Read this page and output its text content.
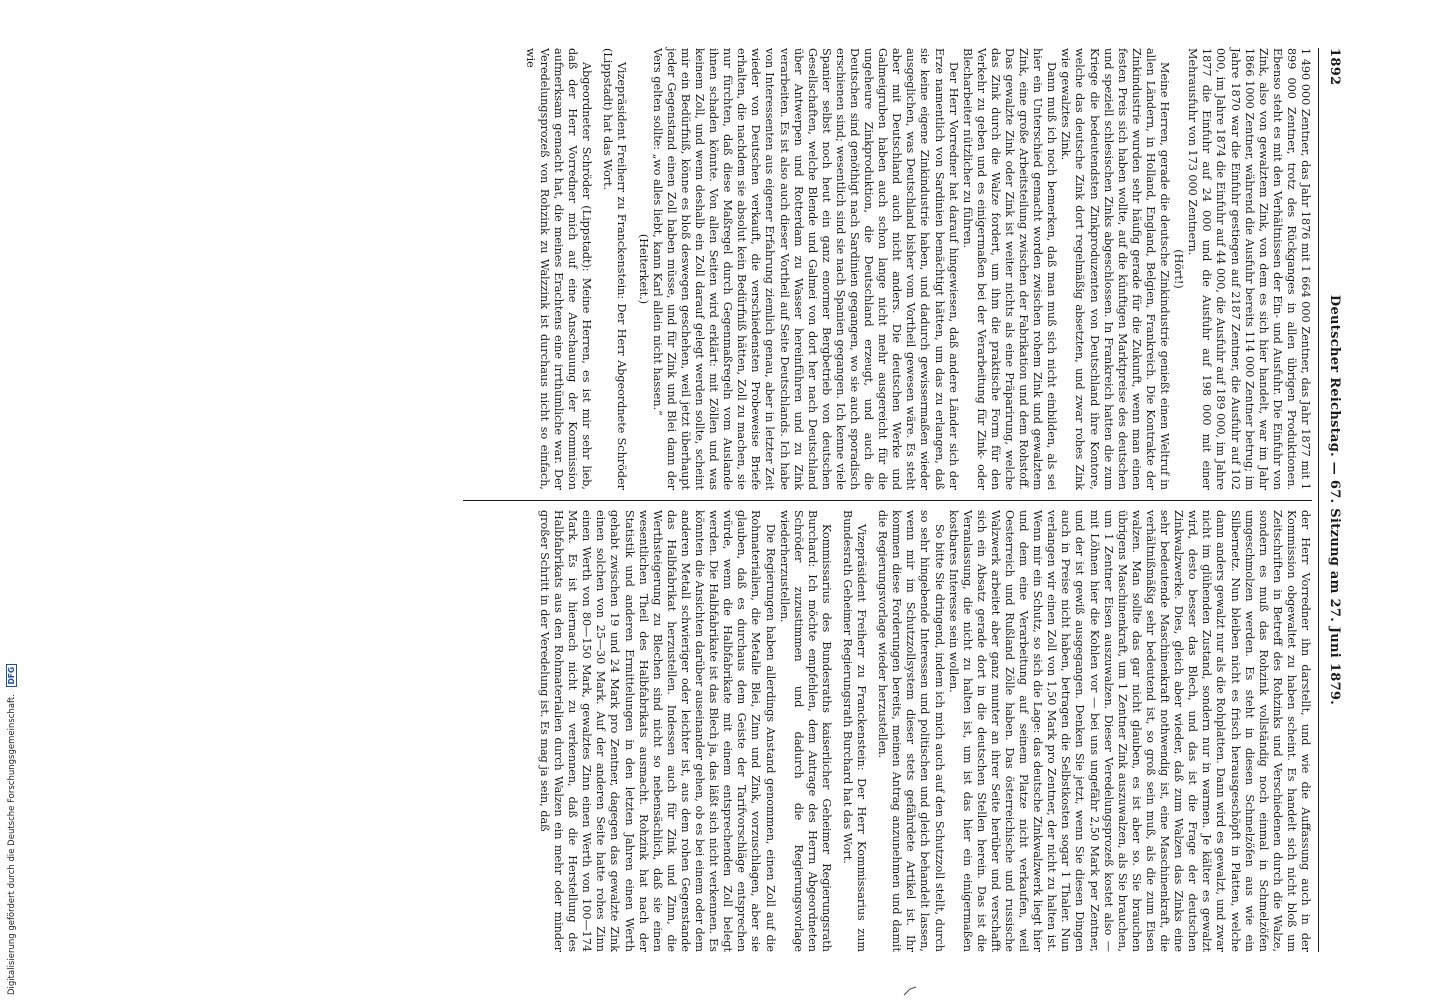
1892
Deutscher Reichstag. — 67. Sitzung am 27. Juni 1879.

1 490 000 Zentner, das Jahr 1876 mit 1 664 000 Zentner, das Jahr 1877 mit 1 899 000 Zentner, trotz des Rückganges in allen übrigen Produktionen. Ebenso steht es mit den Verhältnissen der Ein- und Ausfuhr. Die Einfuhr von Zink, also von gewalztem Zink, von dem es sich hier handelt, war im Jahr 1866 1000 Zentner, während die Ausfuhr bereits 114 000 Zentner betrug; im Jahre 1870 war die Einfuhr gestiegen auf 2187 Zentner, die Ausfuhr auf 102 000, im Jahre 1874 die Einfuhr auf 44 000, die Ausfuhr auf 189 000, im Jahre 1877 die Einfuhr auf 24 000 und die Ausfuhr auf 198 000 mit einer Mehrausfuhr von 173 000 Zentnern.

(Hört!)

Meine Herren, gerade die deutsche Zinkindustrie genießt einen Weltruf in allen Ländern, in Holland, England, Belgien, Frankreich. Die Kontrakte der Zinkindustrie wurden sehr häufig gerade für die Zukunft, wenn man einen festen Preis sich haben wollte, auf die künftigen Marktpreise des deutschen und speziell schlesischen Zinks abgeschlossen. In Frankreich hatten die zum Kriege die bedeutendsten Zinkproduzenten von Deutschland ihre Kontore, welche das deutsche Zink dort regelmäßig absetzten, und zwar rohes Zink wie gewalztes Zink.

Dann muß ich noch bemerken, daß man muß sich nicht einbilden, als sei hier ein Unterschied gemacht worden zwischen rohem Zink und gewalztem Zink, eine große Arbeitsteilung zwischen der Fabrikation und dem Rohstoff. Das gewalzte Zink oder Zink ist weiter nichts als eine Präparirung, welche das Zink durch die Walze fordert, um ihm die praktische Form für den Verkehr zu geben und es einigermaßen bei der Verarbeitung für Zink- oder Blecharbeiter nützlicher zu führen.

Der Herr Vorredner hat darauf hingewiesen, daß andere Länder sich der Erze namentlich von Sardinien bemächtigt hätten, um das zu erlangen, daß sie keine eigene Zinkindustrie haben, und dadurch gewissermaßen wieder ausgeglichen, was Deutschland bisher vom Vortheil gewesen wäre. Es steht aber mit Deutschland auch nicht anders. Die deutschen Werke und Galmeigruben haben auch schon lange nicht mehr ausgereicht für die ungeheure Zinkproduktion, die Deutschland erzeugt, und auch die Deutschen sind genöthigt nach Sardinien gegangen, wo sie auch sporadisch erschienen sind; wesentlich sind sie nach Spanien gegangen. Ich kenne viele Spanier selbst noch heut ein ganz enormer Bergbetrieb von deutschen Gesellschaften, welche Blende und Galmei von dort her nach Deutschland über Antwerpen und Rotterdam zu Wasser hereinführen und zu Zink verarbeiten. Es ist also auch dieser Vortheil auf Seite Deutschlands. Ich habe von Interessenten aus eigener Erfahrung ziemlich genau, aber in letzter Zeit wieder von Deutschen verkauft, die verschiedensten Probeweise Briefe erhalten, die nachdem sie absolut kein Bedürfniß hätten, Zoll zu machen, sie nur fürchten, daß diese Maßregel durch Gegenmaßregeln vom Auslande ihnen schaden könnte. Von allen Seiten wird erklärt: mit Zöllen und was keinem Zoll, und wenn deshalb ein Zoll darauf gelegt werden sollte, scheint mir ein Bedürfniß, könne es bloß deswegen geschehen, weil jetzt überhaupt jeder Gegenstand einen Zoll haben müsse, und für Zink und Blei dann der Vers gelten sollte: „wo alles liebt, kann Karl allein nicht hassen.“

(Heiterkeit.)

Vizepräsident Freiherr zu Franckenstein: Der Herr Abgeordnete Schröder (Lippstadt) hat das Wort.

Abgeordneter Schröder (Lippstadt): Meine Herren, es ist mir sehr lieb, daß der Herr Vorredner mich auf eine Anschauung der Kommission aufmerksam gemacht hat, die meines Erachtens eine irrthümliche war. Der Veredelungsprozeß von Rohzink zu Walzzink ist durchaus nicht so einfach, wie

der Herr Vorredner ihn darstellt, und wie die Auffassung auch in der Kommission obgewaltet zu haben scheint. Es handelt sich nicht bloß um Zeitschriften in Betreff des Rohzinks und Verschiedenen durch die Walze, sondern es muß das Rohzink vollständig noch einmal in Schmelzöfen umgeschmolzen werden. Es steht in diesen Schmelzöfen aus wie ein Silbernetz. Nun bleiben nicht es frisch herausgeschöpft in Platten, welche dann anders gewalzt nur als die Rohplatten. Dann wird es gewalzt, und zwar nicht im glühenden Zustand, sondern nur in warmen. Je kälter es gewalzt wird, desto besser das Blech, und das ist die Frage der deutschen Zinkwalzwerke. Dies, gleich aber wieder, daß zum Walzen das Zinks eine sehr bedeutende Maschinenkraft nothwendig ist, eine Maschinenkraft, die verhältnißmäßig sehr bedeutend ist, so groß sein muß, als die zum Eisen walzen. Man sollte das gar nicht glauben, es ist aber so. Sie brauchen übrigens Maschinenkraft, um 1 Zentner Zink auszuwalzen, als Sie brauchen, um 1 Zentner Eisen auszuwalzen. Dieser Veredelungsprozeß kostet also — mit Löhnen hier die Kohlen vor — bei uns ungefähr 2,50 Mark per Zentner, und der ist gewiß ausgegangen. Denken Sie jetzt, wenn Sie diesen Dingen auch in Preise nicht haben, betragen die Selbstkosten sogar 1 Thaler. Nun verlangen wir einen Zoll von 1,50 Mark pro Zentner, der nicht zu halten ist. Wenn mir ein Schutz, so sich die Lage: das deutsche Zinkwalzwerk liegt hier und dem eine Verarbeitung auf seinem Platze nicht verkaufen, weil Oesterreich und Rußland Zölle haben. Das österreichische und russische Walzwerk arbeitet aber ganz munter an ihrer Seite herüber und verschafft sich ein Absatz gerade dort in die deutschen Stellen herein. Das ist die Veranlassung, die nicht zu halten ist, um ist das hier ein einigermaßen kostbares Interesse sein wollen.

So bitte Sie dringend, indem ich mich auch auf den Schutzzoll stellt, durch so sehr hingebende Interessen und politischen und gleich behandelt lassen, wenn mir im Schutzzollsystem dieser stets gefährdete Artikel ist. Ihr kommen diese Forderungen bereits, meinen Antrag anzunehmen und damit die Regierungsvorlage wieder herzustellen.

Vizepräsident Freiherr zu Franckenstein: Der Herr Kommissarius zum Bundesrath Geheimer Regierungsrath Burchard hat das Wort.

Kommissarius des Bundesraths kaiserlicher Geheimer Regierungsrath Burchard: Ich möchte empfehlen, dem Antrage des Herrn Abgeordneten Schröder zuzustimmen und dadurch die Regierungsvorlage wiederherzustellen.

Die Regierungen haben allerdings Anstand genommen, einen Zoll auf die Rohmaterialien, die Metalle Blei, Zinn und Zink, vorzuschlagen, aber sie glauben, daß es durchaus dem Geiste der Tarifvorschläge entsprechen würde, wenn die Halbfabrikate mit einem entsprechenden Zoll belegt werden. Die Halbfabrikate ist das Blech ja, das läßt sich nicht verkennen. Es könnten die Ansichten darüber auseinander gehen, ob es bei einem oder dem anderen Metall schwieriger oder leichter ist, aus dem rohen Gegenstande das Halbfabrikat herzustellen. Indessen auch für Zink und Zinn, die Werthsteigerung zu Blechen sind nicht so nebensächlich, daß sie einen wesentlichen Theil des Halbfabrikats ausmacht. Rohzink hat nach der Statistik und anderen Ermittelungen in den letzten Jahren einen Werth gehabt zwischen 19 und 24 Mark pro Zentner, dagegen das gewalzte Zink einen solchen von 25—30 Mark. Auf der anderen Seite hatte rohes Zinn einen Werth von 80—150 Mark, gewalztes Zinn einen Werth von 100—174 Mark. Es ist hiernach nicht zu verkennen, daß die Herstellung des Halbfabrikats aus den Rohmaterialien durch Walzen ein mehr oder minder großer Schritt in der Veredelung ist. Es mag ja sein, daß

Digitalisierung gefördert durch die Deutsche Forschungsgemeinschaft. DFG
